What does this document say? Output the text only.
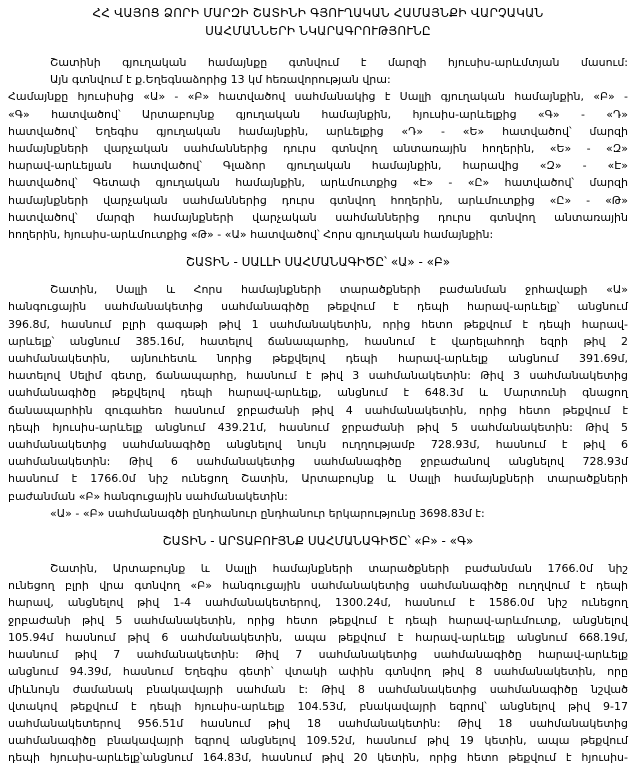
ՀՀ ՎԱՅՈՑ ՁՈՐԻ ՄԱՐԶԻ ՇԱՏԻՆԻ ԳՅՈՒՂԱԿԱՆ ՀԱՄԱՅՆՔԻ ՎԱՐՉԱԿԱՆ
ՍԱՀՄԱՆՆԵՐԻ ՆԿԱՐԱԳՐՈՒԹՅՈՒՆԸ
Շատինի գյուղական համայնքը գտնվում է մարզի հյուսիս-արևմտյան մասում:
Այն գտնվում է ք.Եղեգնաձորից 13 կմ հեռավորության վրա:
Համայնքը հյուսիսից «Ա» - «Բ» հատվածով սահմանակից է Սալլի գյուղական համայնքին, «Բ» -
«Գ» հատվածով՝ Արտաբույնք գյուղական համայնքին, հյուսիս-արևելքից «Գ» - «Դ»
հատվածով՝ Եղեգիս գյուղական համայնքին, արևելքից «Դ» - «Ե» հատվածով՝ մարզի
համայնքների վարչական սահմաններից դուրս գտնվող անտառային հողերին, «Ե» - «Զ»
հարավ-արևելյան հատվածով՝ Գլաձոր գյուղական համայնքին, հարավից «Զ» - «Է»
հատվածով՝ Գետափ գյուղական համայնքին, արևմուտքից «Է» - «Ը» հատվածով՝ մարզի
համայնքների վարչական սահմաններից դուրս գտնվող հողերին, արևմուտքից «Ը» - «Թ»
հատվածով՝ մարզի համայնքների վարչական սահմաններից դուրս գտնվող անտառային
հողերին, հյուսիս-արևմուտքից «Թ» - «Ա» հատվածով՝ Հորս գյուղական համայնքին:
ՇԱՏԻՆ - ՍԱԼԼԻ ՍԱՀՄԱՆԱԳԻԾԸ՝ «Ա» - «Բ»
Շատին, Սալլի և Հորս համայնքների տարածքների բաժանման ջրհավաքի «Ա»
հանգուցային սահմանակետից սահմանագիծը թեքվում է դեպի հարավ-արևելք՝ անցնում
396.8մ, հասնում բլրի գագաթի թիվ 1 սահմանակետին, որից հետո թեքվում է դեպի հարավ-
արևելք՝ անցնում 385.16մ, հատելով ճանապարհը, հասնում է վարելահողի եզրի թիվ 2
սահմանակետին, այնուհետև նորից թեքվելով դեպի հարավ-արևելք անցնում 391.69մ,
հատելով Սելիմ գետը, ճանապարհը, հասնում է թիվ 3 սահմանակետին: Թիվ 3 սահմանակետից
սահմանագիծը թեքվելով դեպի հարավ-արևելք, անցնում է 648.3մ և Մարտունի գնացող
ճանապարհին զուգահեռ հասնում ջրբաժանի թիվ 4 սահմանակետին, որից հետո թեքվում է
դեպի հյուսիս-արևելք անցնում 439.21մ, հասնում ջրբաժանի թիվ 5 սահմանակետին: Թիվ 5
սահմանակետից սահմանագիծը անցնելով նույն ուղղությամբ 728.93մ, հասնում է թիվ 6
սահմանակետին: Թիվ 6 սահմանակետից սահմանագիծը ջրբաժանով անցնելով 728.93մ
հասնում է 1766.0մ նիշ ունեցող Շատին, Արտաբույնք և Սալլի համայնքների տարածքների
բաժանման «Բ» հանգուցային սահմանակետին:
«Ա» - «Բ» սահմանագծի ընդհանուր ընդհանուր երկարությունը 3698.83մ է:
ՇԱՏԻՆ - ԱՐՏԱԲՈՒՅՆՔ ՍԱՀՄԱՆԱԳԻԾԸ՝ «Բ» - «Գ»
Շատին, Արտաբույնք և Սալլի համայնքների տարածքների բաժանման 1766.0մ նիշ
ունեցող բլրի վրա գտնվող «Բ» հանգուցային սահմանակետից սահմանագիծը ուղղվում է դեպի
հարավ, անցնելով թիվ 1-4 սահմանակետերով, 1300.24մ, հասնում է 1586.0մ նիշ ունեցող
ջրբաժանի թիվ 5 սահմանակետին, որից հետո թեքվում է դեպի հարավ-արևմուտք, անցնելով
105.94մ հասնում թիվ 6 սահմանակետին, ապա թեքվում է հարավ-արևելք անցնում 668.19մ,
հասնում թիվ 7 սահմանակետին: Թիվ 7 սահմանակետից սահմանագիծը հարավ-արևելք
անցնում 94.39մ, հասնում Եղեգիս գետի՝ վտակի ափին գտնվող թիվ 8 սահմանակետին, որը
միևնույն ժամանակ բնակավայրի սահման է: Թիվ 8 սահմանակետից սահմանագիծը նշված
վտակով թեքվում է դեպի հյուսիս-արևելք 104.53մ, բնակավայրի եզրով՝ անցնելով թիվ 9-17
սահմանակետերով 956.51մ հասնում թիվ 18 սահմանակետին: Թիվ 18 սահմանակետից
սահմանագիծը բնակավայրի եզրով անցնելով 109.52մ, հասնում թիվ 19 կետին, ապա թեքվում
դեպի հյուսիս-արևելք՝անցնում 164.83մ, հասնում թիվ 20 կետին, որից հետո թեքվում է հյուսիս-
